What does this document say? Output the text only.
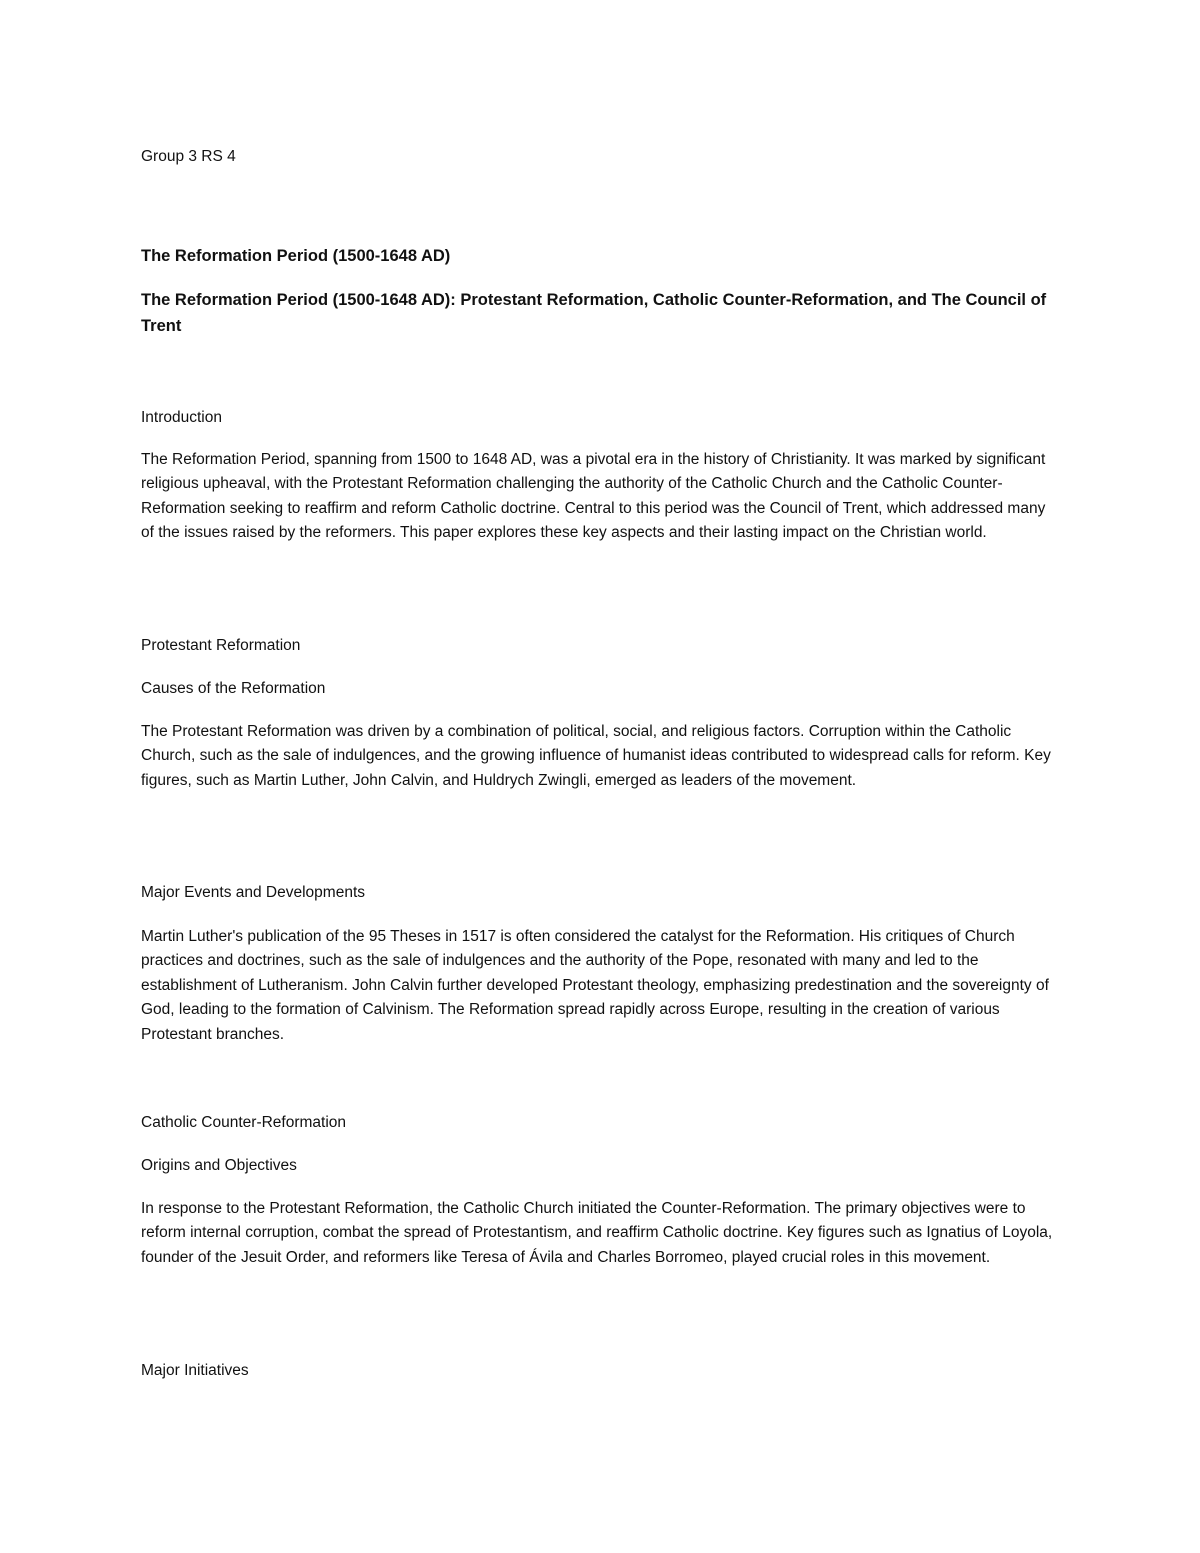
Group 3 RS 4

The Reformation Period (1500-1648 AD)

The Reformation Period (1500-1648 AD): Protestant Reformation, Catholic Counter-Reformation, and The Council of Trent

Introduction

The Reformation Period, spanning from 1500 to 1648 AD, was a pivotal era in the history of Christianity. It was marked by significant religious upheaval, with the Protestant Reformation challenging the authority of the Catholic Church and the Catholic Counter-Reformation seeking to reaffirm and reform Catholic doctrine. Central to this period was the Council of Trent, which addressed many of the issues raised by the reformers. This paper explores these key aspects and their lasting impact on the Christian world.

Protestant Reformation

Causes of the Reformation

The Protestant Reformation was driven by a combination of political, social, and religious factors. Corruption within the Catholic Church, such as the sale of indulgences, and the growing influence of humanist ideas contributed to widespread calls for reform. Key figures, such as Martin Luther, John Calvin, and Huldrych Zwingli, emerged as leaders of the movement.

Major Events and Developments

Martin Luther's publication of the 95 Theses in 1517 is often considered the catalyst for the Reformation. His critiques of Church practices and doctrines, such as the sale of indulgences and the authority of the Pope, resonated with many and led to the establishment of Lutheranism. John Calvin further developed Protestant theology, emphasizing predestination and the sovereignty of God, leading to the formation of Calvinism. The Reformation spread rapidly across Europe, resulting in the creation of various Protestant branches.

Catholic Counter-Reformation

Origins and Objectives

In response to the Protestant Reformation, the Catholic Church initiated the Counter-Reformation. The primary objectives were to reform internal corruption, combat the spread of Protestantism, and reaffirm Catholic doctrine. Key figures such as Ignatius of Loyola, founder of the Jesuit Order, and reformers like Teresa of Ávila and Charles Borromeo, played crucial roles in this movement.

Major Initiatives
